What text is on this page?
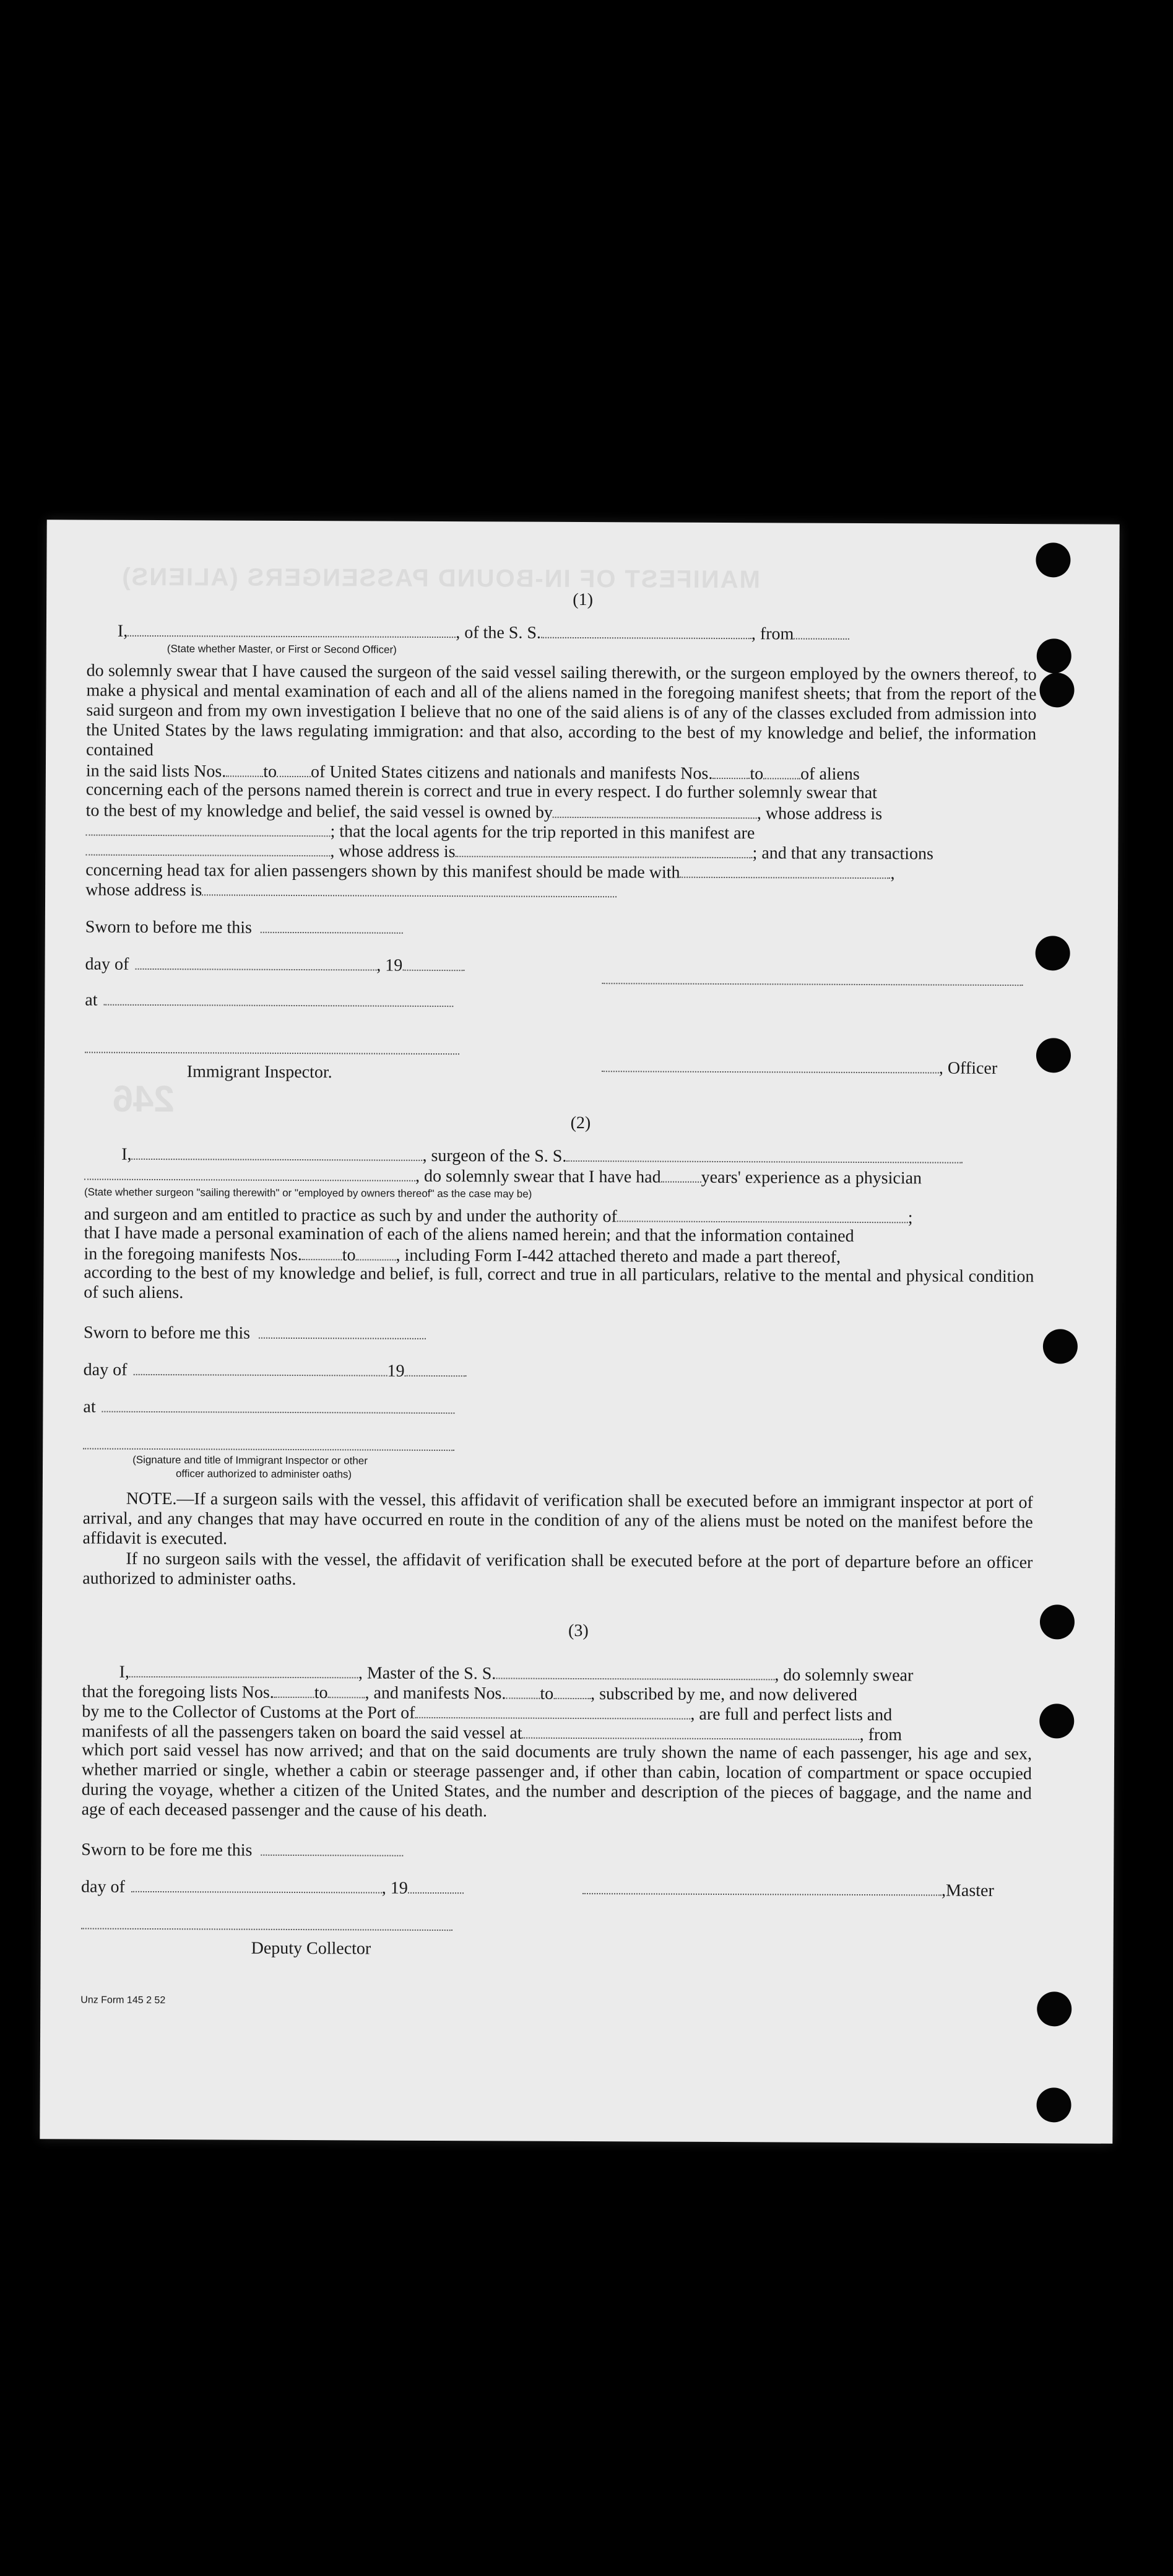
MANIFEST OF IN-BOUND PASSENGERS (ALIENS)
246
(1)
I,	, of the S. S.	, from
(State whether Master, or First or Second Officer)
do solemnly swear that I have caused the surgeon of the said vessel sailing therewith, or the surgeon employed by the owners thereof, to make a physical and mental examination of each and all of the aliens named in the foregoing manifest sheets; that from the report of the said surgeon and from my own investigation I believe that no one of the said aliens is of any of the classes excluded from admission into the United States by the laws regulating immigration: and that also, according to the best of my knowledge and belief, the information contained
in the said lists Nos. to of United States citizens and nationals and manifests Nos. to of aliens
concerning each of the persons named therein is correct and true in every respect. I do further solemnly swear that
to the best of my knowledge and belief, the said vessel is owned by	, whose address is
; that the local agents for the trip reported in this manifest are
, whose address is	; and that any transactions
concerning head tax for alien passengers shown by this manifest should be made with	,
whose address is
Sworn to before me this
day of	, 19
at
Immigrant Inspector.	, Officer
(2)
I,	, surgeon of the S. S.
, do solemnly swear that I have had years' experience as a physician
(State whether surgeon "sailing therewith" or "employed by owners thereof" as the case may be)
and surgeon and am entitled to practice as such by and under the authority of	;
that I have made a personal examination of each of the aliens named herein; and that the information contained
in the foregoing manifests Nos. to , including Form I-442 attached thereto and made a part thereof,
according to the best of my knowledge and belief, is full, correct and true in all particulars, relative to the mental and physical condition of such aliens.
Sworn to before me this
day of	19
at
(Signature and title of Immigrant Inspector or other
officer authorized to administer oaths)
NOTE.—If a surgeon sails with the vessel, this affidavit of verification shall be executed before an immigrant inspector at port of arrival, and any changes that may have occurred en route in the condition of any of the aliens must be noted on the manifest before the affidavit is executed.
If no surgeon sails with the vessel, the affidavit of verification shall be executed before at the port of departure before an officer authorized to administer oaths.
(3)
I,	, Master of the S. S.	, do solemnly swear
that the foregoing lists Nos. to , and manifests Nos. to , subscribed by me, and now delivered
by me to the Collector of Customs at the Port of	, are full and perfect lists and
manifests of all the passengers taken on board the said vessel at	, from
which port said vessel has now arrived; and that on the said documents are truly shown the name of each passenger, his age and sex, whether married or single, whether a cabin or steerage passenger and, if other than cabin, location of compartment or space occupied during the voyage, whether a citizen of the United States, and the number and description of the pieces of baggage, and the name and age of each deceased passenger and the cause of his death.
Sworn to be fore me this
day of	, 19	,Master
Deputy Collector
Unz Form 145 2 52
